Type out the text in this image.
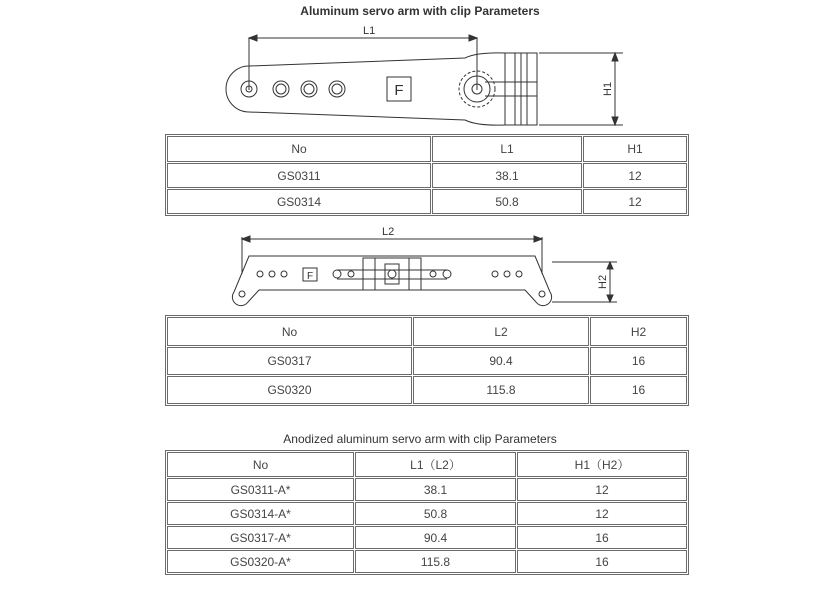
Aluminum servo arm with clip Parameters
L1
F	H1
No	L1	H1
GS0311	38.1	12
GS0314	50.8	12
L2
F	H2
No	L2	H2
GS0317	90.4	16
GS0320	115.8	16
Anodized aluminum servo arm with clip Parameters
No	L1（L2）	H1（H2）
GS0311-A*	38.1	12
GS0314-A*	50.8	12
GS0317-A*	90.4	16
GS0320-A*	115.8	16
